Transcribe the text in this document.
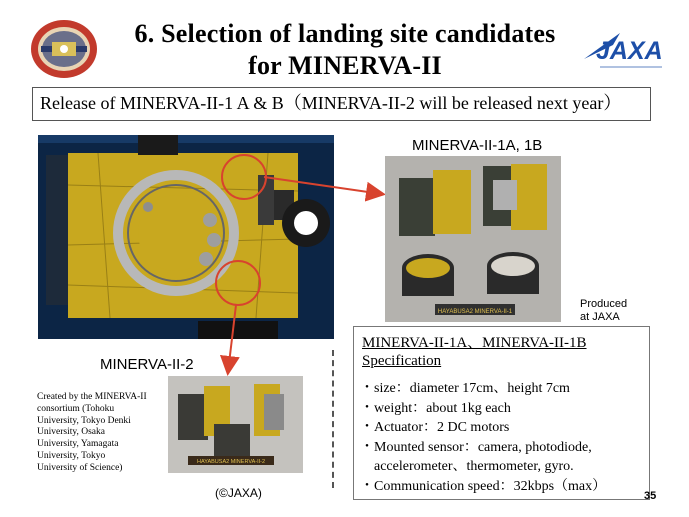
6. Selection of landing site candidates
for MINERVA-II	JAXA
Release of MINERVA-II-1 A & B（MINERVA-II-2 will be released next year）
MINERVA-II-1A, 1B
HAYABUSA2 MINERVA-II-1
Produced
at JAXA
MINERVA-II-2
Created by the MINERVA-II
consortium (Tohoku
University, Tokyo Denki
University, Osaka
University, Yamagata
University, Tokyo
University of Science)
HAYABUSA2 MINERVA-II-2
(©JAXA)
MINERVA-II-1A、MINERVA-II-1B
Specification
・size：diameter 17cm、height 7cm
・weight：about 1kg each
・Actuator：2 DC motors
・Mounted sensor：camera, photodiode,
　accelerometer、thermometer, gyro.
・Communication speed：32kbps（max）
35
